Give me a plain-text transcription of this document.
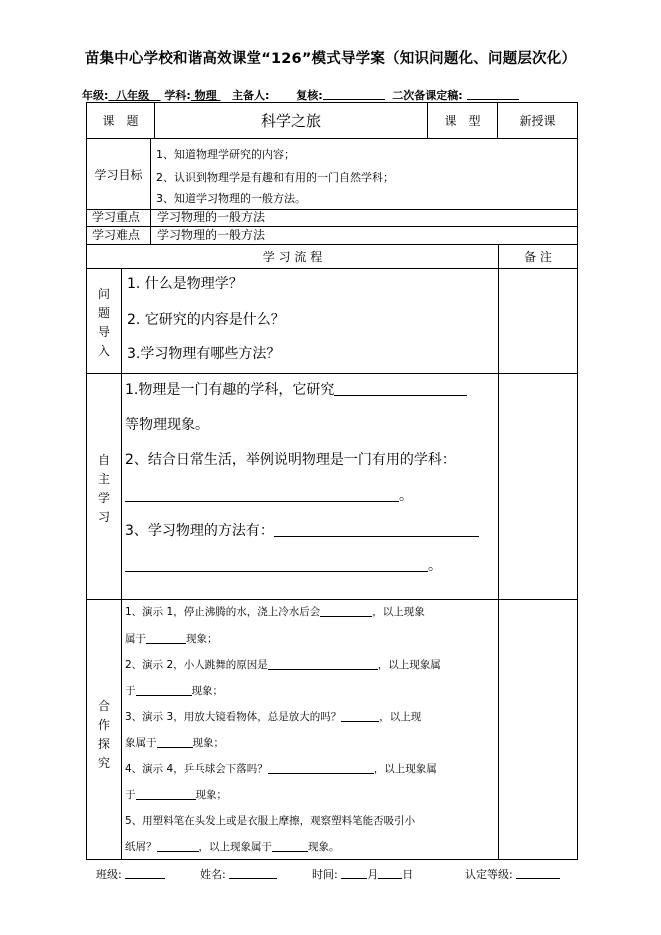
苗集中心学校和谐高效课堂“126”模式导学案（知识问题化、问题层次化）
年级:  八年级    学科: 物理    主备人: 复核:	二次备课定稿:
课　题	科学之旅	课　型	新授课
学习目标
1、知道物理学研究的内容；
2、认识到物理学是有趣和有用的一门自然学科；
3、知道学习物理的一般方法。
学习重点 学习物理的一般方法
学习难点 学习物理的一般方法
学 习 流 程	备 注
问
题
导
入
1. 什么是物理学？
2. 它研究的内容是什么？
3.学习物理有哪些方法？
自
主
学
习
1.物理是一门有趣的学科，它研究
等物理现象。
2、结合日常生活，举例说明物理是一门有用的学科：
。
3、学习物理的方法有：
。
合
作
探
究
1、演示 1，停止沸腾的水，浇上冷水后会	，以上现象
属于	现象；
2、演示 2，小人跳舞的原因是	，以上现象属
于	现象；
3、演示 3，用放大镜看物体，总是放大的吗？	，以上现
象属于	现象；
4、演示 4，乒乓球会下落吗？	，以上现象属
于	现象；
5、用塑料笔在头发上或是衣服上摩擦，观察塑料笔能否吸引小
纸屑？	，以上现象属于	现象。
班级:	姓名:	时间:	月 日	认定等级:
